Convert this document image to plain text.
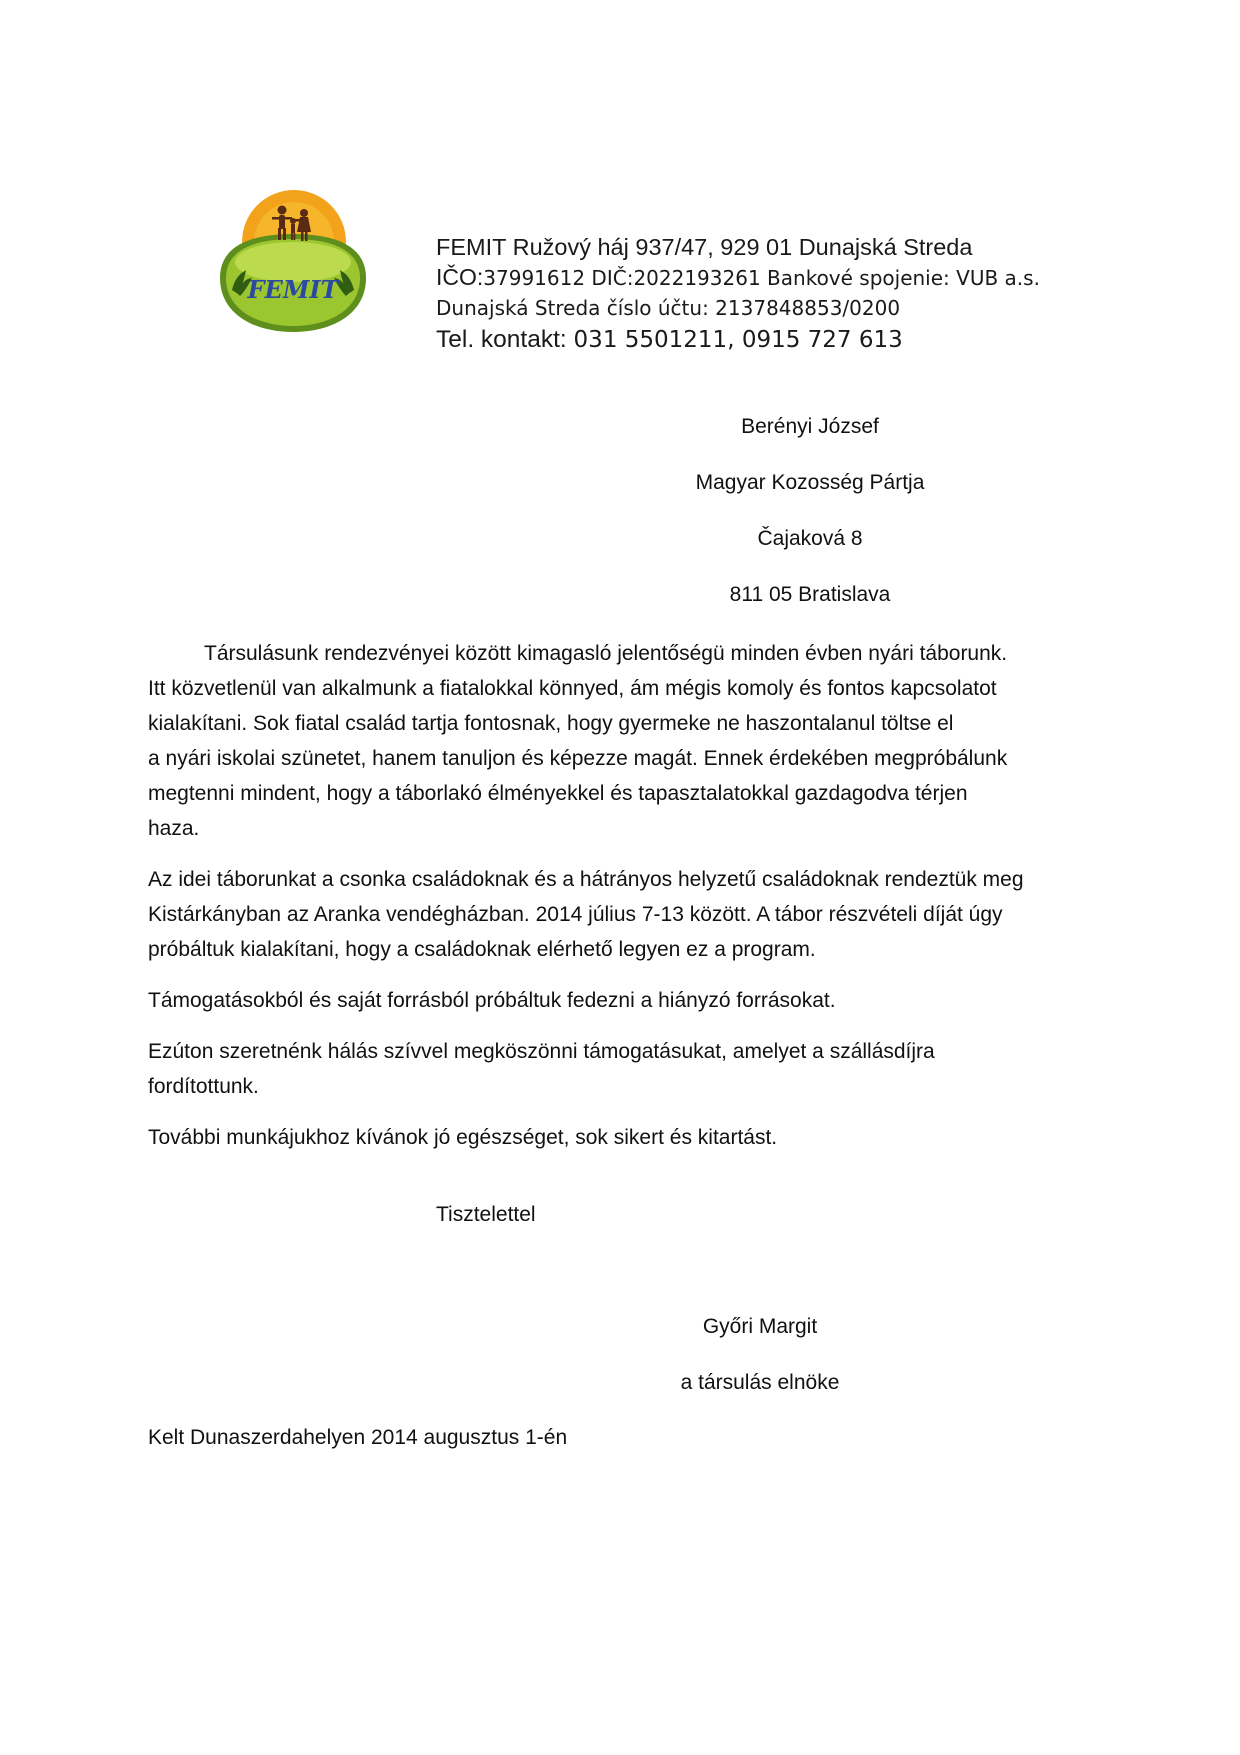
FEMIT
FEMIT Ružový háj 937/47, 929 01 Dunajská Streda
IČO:37991612 DIČ:2022193261 Bankové spojenie: VUB a.s.
Dunajská Streda číslo účtu: 2137848853/0200
Tel. kontakt: 031 5501211, 0915 727 613
Berényi József
Magyar Kozosség Pártja
Čajaková 8
811 05 Bratislava

Társulásunk rendezvényei között kimagasló jelentőségü minden évben nyári táborunk.
Itt közvetlenül van alkalmunk a fiatalokkal könnyed, ám mégis komoly és fontos kapcsolatot
kialakítani. Sok fiatal család tartja fontosnak, hogy gyermeke ne haszontalanul töltse el
a nyári iskolai szünetet, hanem tanuljon és képezze magát. Ennek érdekében megpróbálunk
megtenni mindent, hogy a táborlakó élményekkel és tapasztalatokkal gazdagodva térjen
haza.

Az idei táborunkat a csonka családoknak és a hátrányos helyzetű családoknak rendeztük meg
Kistárkányban az Aranka vendégházban. 2014 július 7-13 között. A tábor részvételi díját úgy
próbáltuk kialakítani, hogy a családoknak elérhető legyen ez a program.

Támogatásokból és saját forrásból próbáltuk fedezni a hiányzó forrásokat.

Ezúton szeretnénk hálás szívvel megköszönni támogatásukat, amelyet a szállásdíjra
fordítottunk.

További munkájukhoz kívánok jó egészséget, sok sikert és kitartást.

Tisztelettel
Győri Margit
a társulás elnöke
Kelt Dunaszerdahelyen 2014 augusztus 1-én
